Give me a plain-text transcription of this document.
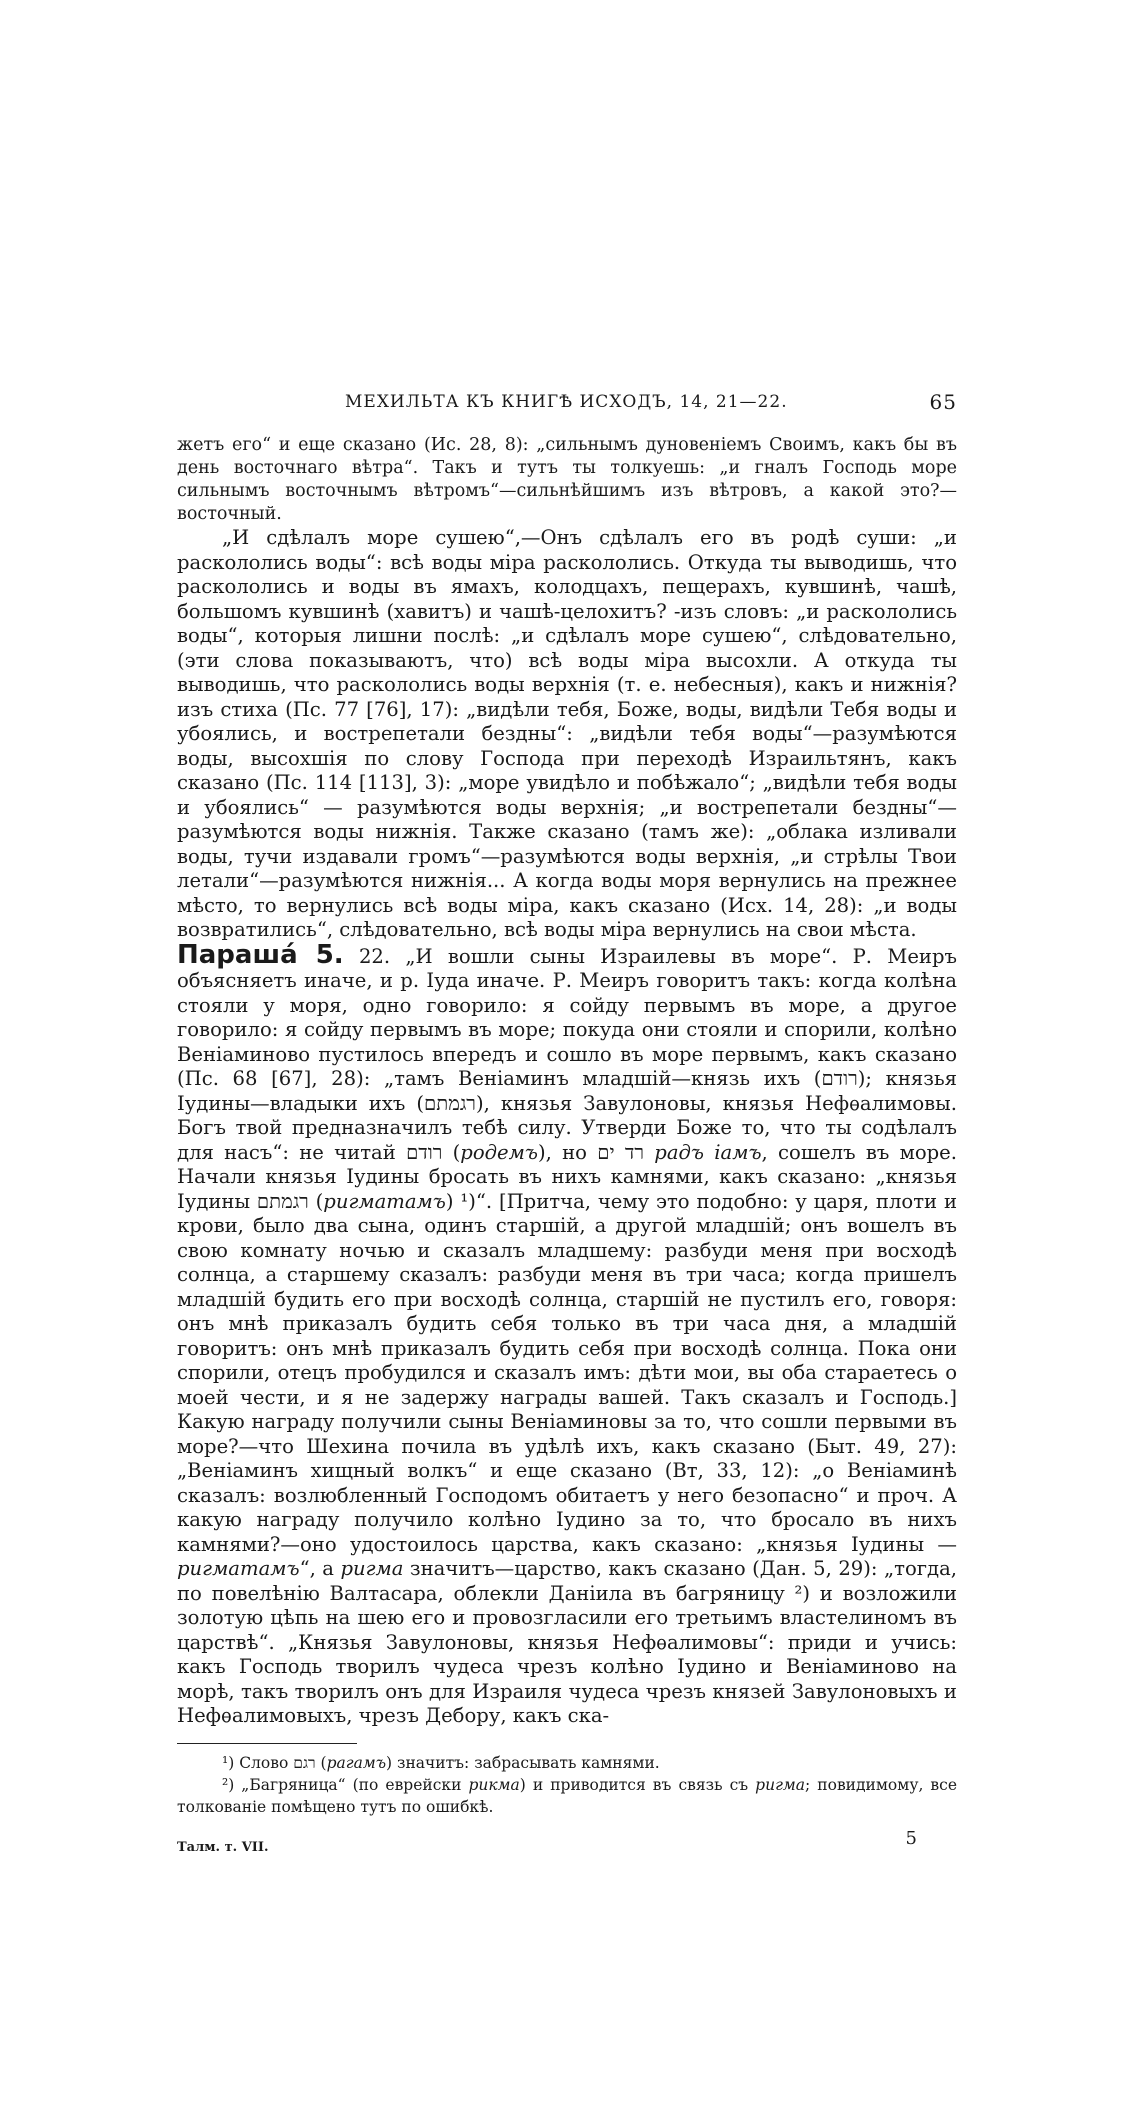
МЕХИЛЬТА КЪ КНИГѢ ИСХОДЪ, 14, 21—22.	65

жетъ его“ и еще сказано (Ис. 28, 8): „сильнымъ дуновеніемъ Своимъ, какъ бы въ день восточнаго вѣтра“. Такъ и тутъ ты толкуешь: „и гналъ Господь море сильнымъ восточнымъ вѣтромъ“—сильнѣйшимъ изъ вѣтровъ, а какой это?—восточный.

„И сдѣлалъ море сушею“,—Онъ сдѣлалъ его въ родѣ суши: „и раскололись воды“: всѣ воды міра раскололись. Откуда ты выводишь, что раскололись и воды въ ямахъ, колодцахъ, пещерахъ, кувшинѣ, чашѣ, большомъ кувшинѣ (хавитъ) и чашѣ-целохитъ? -изъ словъ: „и раскололись воды“, которыя лишни послѣ: „и сдѣлалъ море сушею“, слѣдовательно, (эти слова показываютъ, что) всѣ воды міра высохли. А откуда ты выводишь, что раскололись воды верхнія (т. е. небесныя), какъ и нижнія? изъ стиха (Пс. 77 [76], 17): „видѣли тебя, Боже, воды, видѣли Тебя воды и убоялись, и вострепетали бездны“: „видѣли тебя воды“—разумѣются воды, высохшія по слову Господа при переходѣ Израильтянъ, какъ сказано (Пс. 114 [113], 3): „море увидѣло и побѣжало“; „видѣли тебя воды и убоялись“ — разумѣются воды верхнія; „и вострепетали бездны“—разумѣются воды нижнія. Также сказано (тамъ же): „облака изливали воды, тучи издавали громъ“—разумѣются воды верхнія, „и стрѣлы Твои летали“—разумѣются нижнія... А когда воды моря вернулись на прежнее мѣсто, то вернулись всѣ воды міра, какъ сказано (Исх. 14, 28): „и воды возвратились“, слѣдовательно, всѣ воды міра вернулись на свои мѣста.

Параша́ 5. 22. „И вошли сыны Израилевы въ море“. Р. Меиръ объясняетъ иначе, и р. Іуда иначе. Р. Меиръ говоритъ такъ: когда колѣна стояли у моря, одно говорило: я сойду первымъ въ море, а другое говорило: я сойду первымъ въ море; покуда они стояли и спорили, колѣно Веніаминово пустилось впередъ и сошло въ море первымъ, какъ сказано (Пс. 68 [67], 28): „тамъ Веніаминъ младшій—князь ихъ (רודם); князья Іудины—владыки ихъ (רגמתם), князья Завулоновы, князья Нефѳалимовы. Богъ твой предназначилъ тебѣ силу. Утверди Боже то, что ты содѣлалъ для насъ“: не читай רודם (родемъ), но רד ים радъ іамъ, сошелъ въ море. Начали князья Іудины бросать въ нихъ камнями, какъ сказано: „князья Іудины רגמתם (ригматамъ) ¹)“. [Притча, чему это подобно: у царя, плоти и крови, было два сына, одинъ старшій, а другой младшій; онъ вошелъ въ свою комнату ночью и сказалъ младшему: разбуди меня при восходѣ солнца, а старшему сказалъ: разбуди меня въ три часа; когда пришелъ младшій будить его при восходѣ солнца, старшій не пустилъ его, говоря: онъ мнѣ приказалъ будить себя только въ три часа дня, а младшій говоритъ: онъ мнѣ приказалъ будить себя при восходѣ солнца. Пока они спорили, отецъ пробудился и сказалъ имъ: дѣти мои, вы оба стараетесь о моей чести, и я не задержу награды вашей. Такъ сказалъ и Господь.] Какую награду получили сыны Веніаминовы за то, что сошли первыми въ море?—что Шехина почила въ удѣлѣ ихъ, какъ сказано (Быт. 49, 27): „Веніаминъ хищный волкъ“ и еще сказано (Вт, 33, 12): „о Веніаминѣ сказалъ: возлюбленный Господомъ обитаетъ у него безопасно“ и проч. А какую награду получило колѣно Іудино за то, что бросало въ нихъ камнями?—оно удостоилось царства, какъ сказано: „князья Іудины — ригматамъ“, а ригма значитъ—царство, какъ сказано (Дан. 5, 29): „тогда, по повелѣнію Валтасара, облекли Даніила въ багряницу ²) и возложили золотую цѣпь на шею его и провозгласили его третьимъ властелиномъ въ царствѣ“. „Князья Завулоновы, князья Нефѳалимовы“: приди и учись: какъ Господь творилъ чудеса чрезъ колѣно Іудино и Веніаминово на морѣ, такъ творилъ онъ для Израиля чудеса чрезъ князей Завулоновыхъ и Нефѳалимовыхъ, чрезъ Дебору, какъ ска-

¹) Слово רגם (рагамъ) значитъ: забрасывать камнями.

²) „Багряница“ (по еврейски рикма) и приводится въ связь съ ригма; повидимому, все толкованіе помѣщено тутъ по ошибкѣ.

Талм. т. VII.	5
